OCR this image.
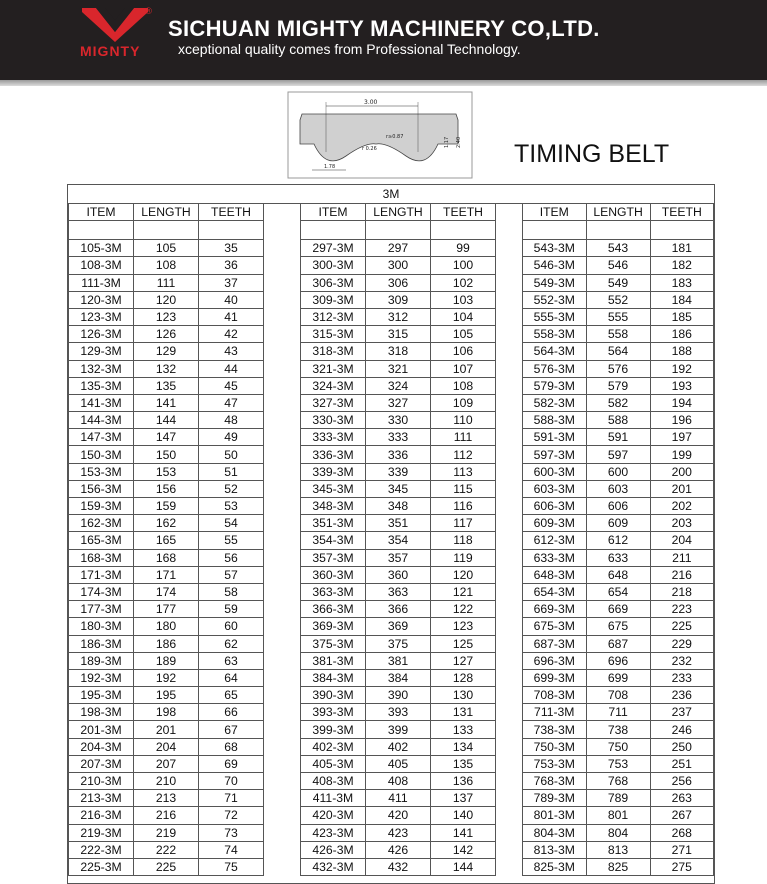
®
MIGNTY
SICHUAN MIGHTY MACHINERY CO,LTD.
xceptional quality comes from Professional Technology.
3.00
r≥0.87
r 0.26
1.17 2.40
1.78	TIMING BELT
3M
ITEM	LENGTH	TEETH

105-3M	105	35
108-3M	108	36
111-3M	111	37
120-3M	120	40
123-3M	123	41
126-3M	126	42
129-3M	129	43
132-3M	132	44
135-3M	135	45
141-3M	141	47
144-3M	144	48
147-3M	147	49
150-3M	150	50
153-3M	153	51
156-3M	156	52
159-3M	159	53
162-3M	162	54
165-3M	165	55
168-3M	168	56
171-3M	171	57
174-3M	174	58
177-3M	177	59
180-3M	180	60
186-3M	186	62
189-3M	189	63
192-3M	192	64
195-3M	195	65
198-3M	198	66
201-3M	201	67
204-3M	204	68
207-3M	207	69
210-3M	210	70
213-3M	213	71
216-3M	216	72
219-3M	219	73
222-3M	222	74
225-3M	225	75
ITEM	LENGTH	TEETH

297-3M	297	99
300-3M	300	100
306-3M	306	102
309-3M	309	103
312-3M	312	104
315-3M	315	105
318-3M	318	106
321-3M	321	107
324-3M	324	108
327-3M	327	109
330-3M	330	110
333-3M	333	111
336-3M	336	112
339-3M	339	113
345-3M	345	115
348-3M	348	116
351-3M	351	117
354-3M	354	118
357-3M	357	119
360-3M	360	120
363-3M	363	121
366-3M	366	122
369-3M	369	123
375-3M	375	125
381-3M	381	127
384-3M	384	128
390-3M	390	130
393-3M	393	131
399-3M	399	133
402-3M	402	134
405-3M	405	135
408-3M	408	136
411-3M	411	137
420-3M	420	140
423-3M	423	141
426-3M	426	142
432-3M	432	144
ITEM	LENGTH	TEETH

543-3M	543	181
546-3M	546	182
549-3M	549	183
552-3M	552	184
555-3M	555	185
558-3M	558	186
564-3M	564	188
576-3M	576	192
579-3M	579	193
582-3M	582	194
588-3M	588	196
591-3M	591	197
597-3M	597	199
600-3M	600	200
603-3M	603	201
606-3M	606	202
609-3M	609	203
612-3M	612	204
633-3M	633	211
648-3M	648	216
654-3M	654	218
669-3M	669	223
675-3M	675	225
687-3M	687	229
696-3M	696	232
699-3M	699	233
708-3M	708	236
711-3M	711	237
738-3M	738	246
750-3M	750	250
753-3M	753	251
768-3M	768	256
789-3M	789	263
801-3M	801	267
804-3M	804	268
813-3M	813	271
825-3M	825	275
